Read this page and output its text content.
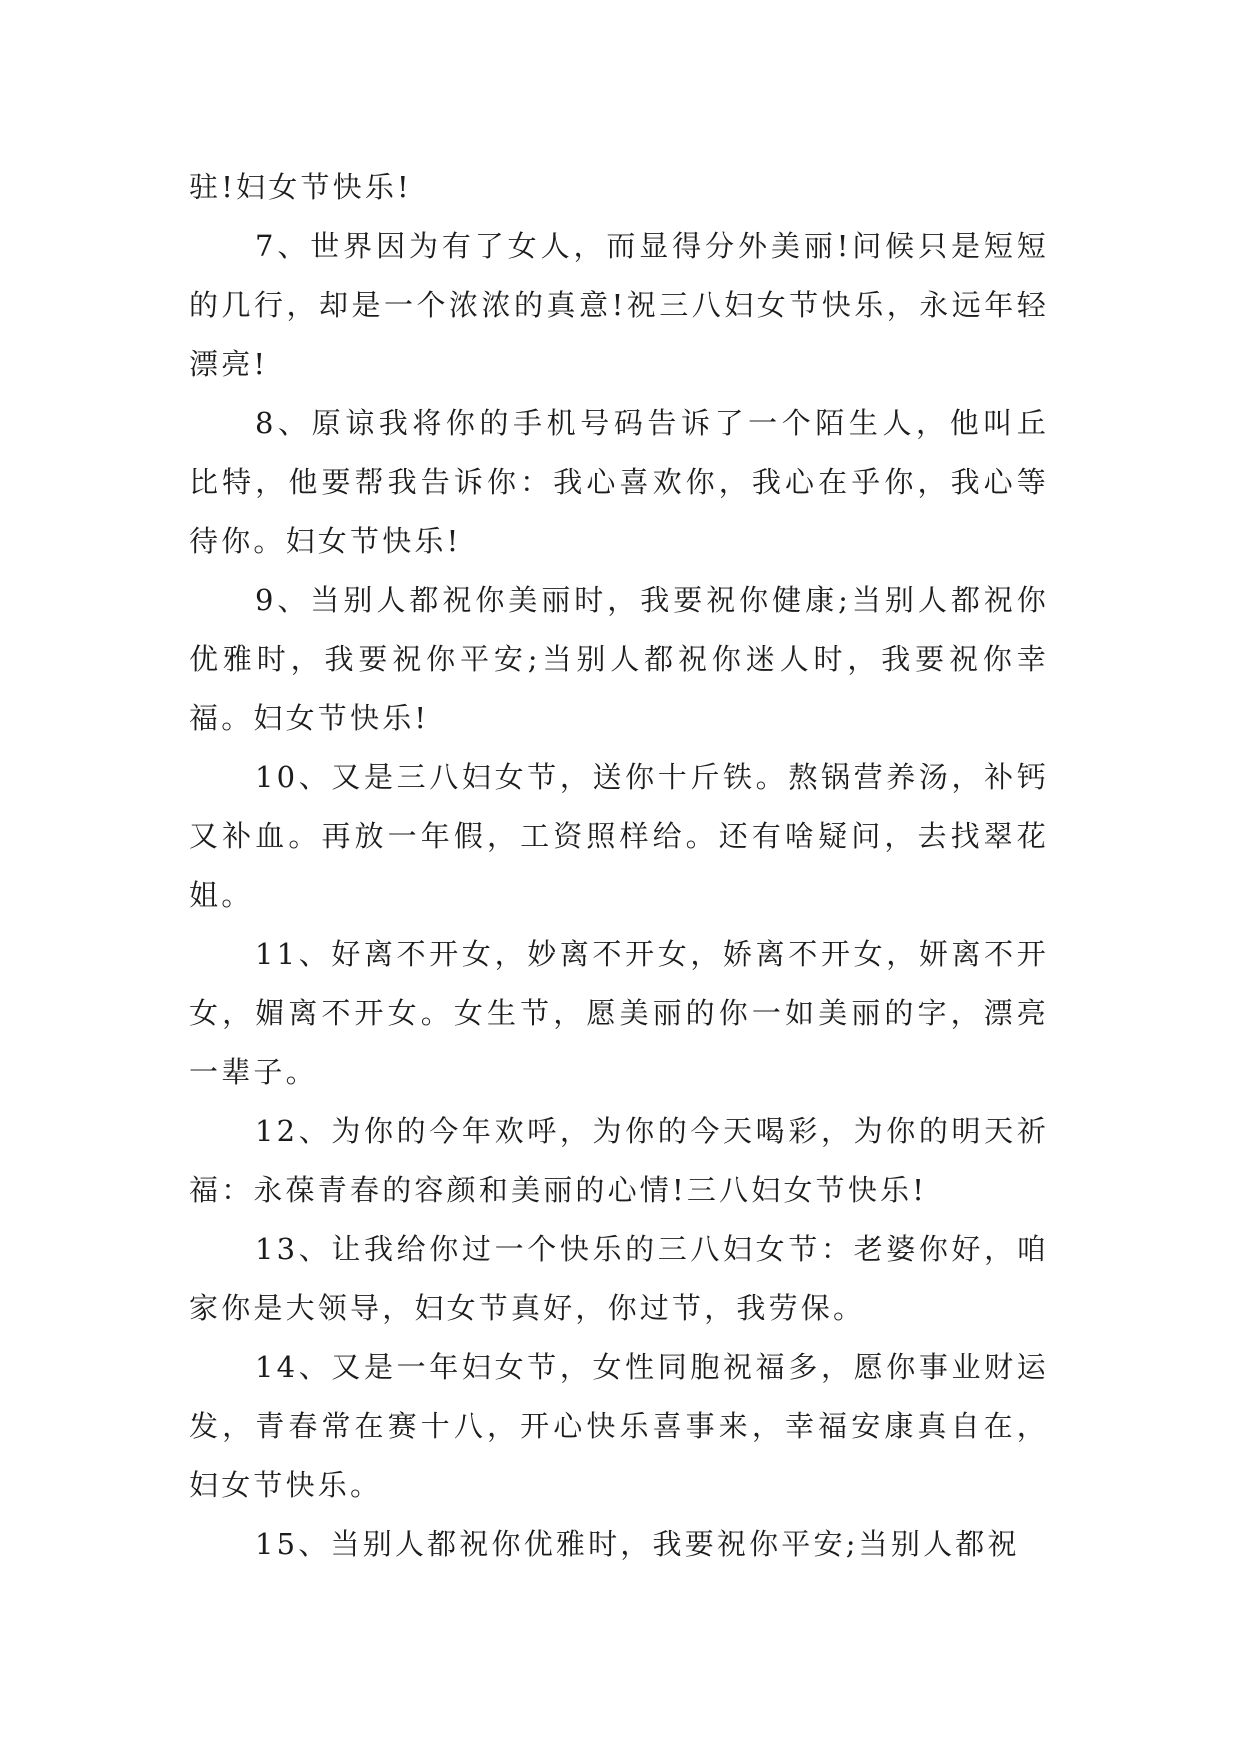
驻!妇女节快乐!

7、世界因为有了女人，而显得分外美丽!问候只是短短的几行，却是一个浓浓的真意!祝三八妇女节快乐，永远年轻漂亮!

8、原谅我将你的手机号码告诉了一个陌生人，他叫丘比特，他要帮我告诉你：我心喜欢你，我心在乎你，我心等待你。妇女节快乐!

9、当别人都祝你美丽时，我要祝你健康;当别人都祝你优雅时，我要祝你平安;当别人都祝你迷人时，我要祝你幸福。妇女节快乐!

10、又是三八妇女节，送你十斤铁。熬锅营养汤，补钙又补血。再放一年假，工资照样给。还有啥疑问，去找翠花姐。

11、好离不开女，妙离不开女，娇离不开女，妍离不开女，媚离不开女。女生节，愿美丽的你一如美丽的字，漂亮一辈子。

12、为你的今年欢呼，为你的今天喝彩，为你的明天祈福：永葆青春的容颜和美丽的心情!三八妇女节快乐!

13、让我给你过一个快乐的三八妇女节：老婆你好，咱家你是大领导，妇女节真好，你过节，我劳保。

14、又是一年妇女节，女性同胞祝福多，愿你事业财运发，青春常在赛十八，开心快乐喜事来，幸福安康真自在，妇女节快乐。

15、当别人都祝你优雅时，我要祝你平安;当别人都祝
